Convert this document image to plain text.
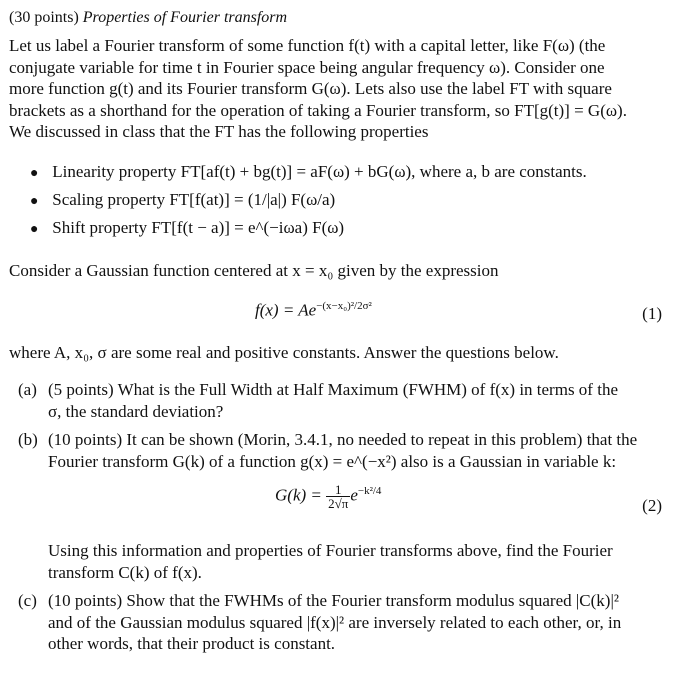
(30 points) Properties of Fourier transform
Let us label a Fourier transform of some function f(t) with a capital letter, like F(ω) (the
conjugate variable for time t in Fourier space being angular frequency ω). Consider one
more function g(t) and its Fourier transform G(ω). Lets also use the label FT with square
brackets as a shorthand for the operation of taking a Fourier transform, so FT[g(t)] = G(ω).
We discussed in class that the FT has the following properties
● Linearity property FT[af(t) + bg(t)] = aF(ω) + bG(ω), where a, b are constants.
● Scaling property FT[f(at)] = (1/|a|) F(ω/a)
● Shift property FT[f(t − a)] = e^(−iωa) F(ω)
Consider a Gaussian function centered at x = x₀ given by the expression
$f(x) = Ae^{-(x-x_0)^2/2\sigma^2}$	(1)
where A, x₀, σ are some real and positive constants. Answer the questions below.
(a) (5 points) What is the Full Width at Half Maximum (FWHM) of f(x) in terms of the
σ, the standard deviation?
(b) (10 points) It can be shown (Morin, 3.4.1, no needed to repeat in this problem) that the
Fourier transform G(k) of a function g(x) = e^(−x²) also is a Gaussian in variable k:
$G(k) = \frac{1}{2√\pi} e^{-k^2/4}$
(2)
Using this information and properties of Fourier transforms above, find the Fourier
transform C(k) of f(x).
(c) (10 points) Show that the FWHMs of the Fourier transform modulus squared |C(k)|²
and of the Gaussian modulus squared |f(x)|² are inversely related to each other, or, in
other words, that their product is constant.
